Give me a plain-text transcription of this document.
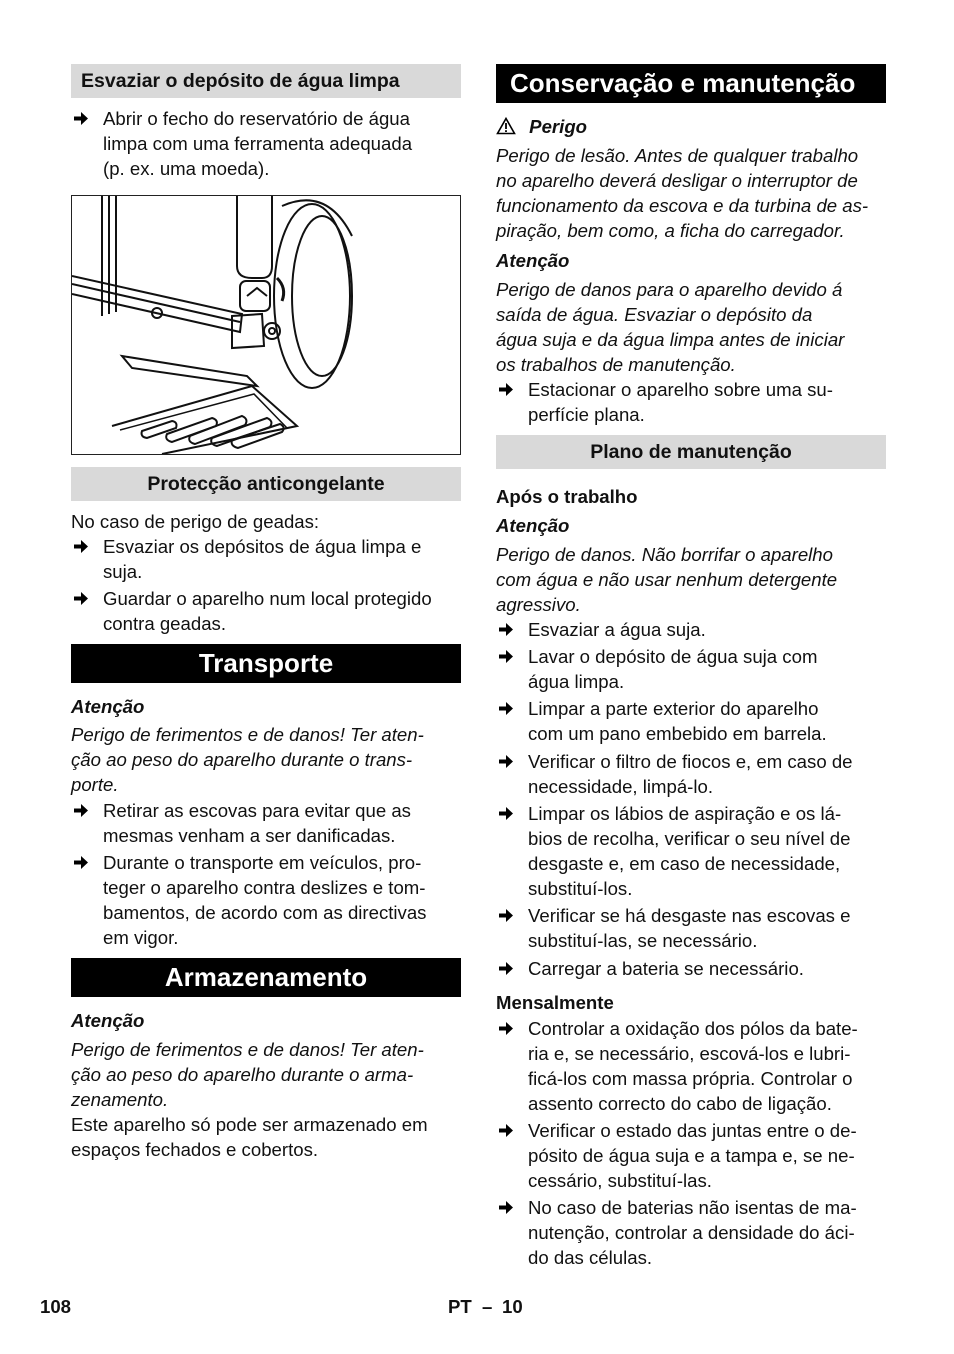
Esvaziar o depósito de água limpa
Abrir o fecho do reservatório de água
limpa com uma ferramenta adequada
(p. ex. uma moeda).
Protecção anticongelante
No caso de perigo de geadas:
Esvaziar os depósitos de água limpa e
suja.
Guardar o aparelho num local protegido
contra geadas.
Transporte
Atenção
Perigo de ferimentos e de danos! Ter aten-
ção ao peso do aparelho durante o trans-
porte.
Retirar as escovas para evitar que as
mesmas venham a ser danificadas.
Durante o transporte em veículos, pro-
teger o aparelho contra deslizes e tom-
bamentos, de acordo com as directivas
em vigor.
Armazenamento
Atenção
Perigo de ferimentos e de danos! Ter aten-
ção ao peso do aparelho durante o arma-
zenamento.
Este aparelho só pode ser armazenado em
espaços fechados e cobertos.
Conservação e manutenção
Perigo
Perigo de lesão. Antes de qualquer trabalho
no aparelho deverá desligar o interruptor de
funcionamento da escova e da turbina de as-
piração, bem como, a ficha do carregador.
Atenção
Perigo de danos para o aparelho devido á
saída de água. Esvaziar o depósito da
água suja e da água limpa antes de iniciar
os trabalhos de manutenção.
Estacionar o aparelho sobre uma su-
perfície plana.
Plano de manutenção
Após o trabalho
Atenção
Perigo de danos. Não borrifar o aparelho
com água e não usar nenhum detergente
agressivo.
Esvaziar a água suja.
Lavar o depósito de água suja com
água limpa.
Limpar a parte exterior do aparelho
com um pano embebido em barrela.
Verificar o filtro de fiocos e, em caso de
necessidade, limpá-lo.
Limpar os lábios de aspiração e os lá-
bios de recolha, verificar o seu nível de
desgaste e, em caso de necessidade,
substituí-los.
Verificar se há desgaste nas escovas e
substituí-las, se necessário.
Carregar a bateria se necessário.
Mensalmente
Controlar a oxidação dos pólos da bate-
ria e, se necessário, escová-los e lubri-
ficá-los com massa própria. Controlar o
assento correcto do cabo de ligação.
Verificar o estado das juntas entre o de-
pósito de água suja e a tampa e, se ne-
cessário, substituí-las.
No caso de baterias não isentas de ma-
nutenção, controlar a densidade do áci-
do das células.
108	PT – 10
